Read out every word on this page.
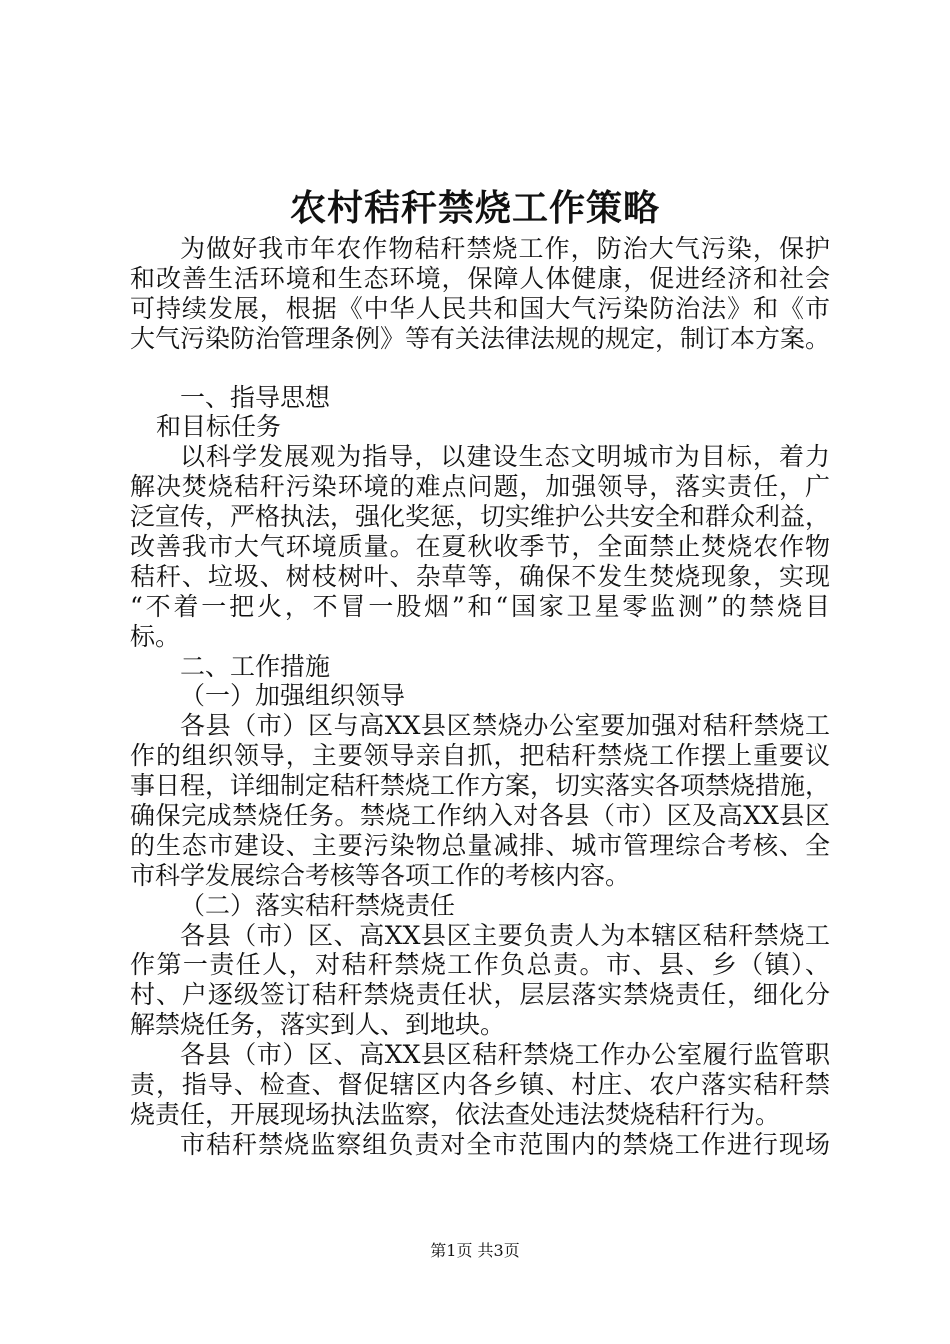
农村秸秆禁烧工作策略
为做好我市年农作物秸秆禁烧工作，防治大气污染，保护
和改善生活环境和生态环境，保障人体健康，促进经济和社会
可持续发展，根据《中华人民共和国大气污染防治法》和《市
大气污染防治管理条例》等有关法律法规的规定，制订本方案。
一、指导思想
和目标任务
以科学发展观为指导，以建设生态文明城市为目标，着力
解决焚烧秸秆污染环境的难点问题，加强领导，落实责任，广
泛宣传，严格执法，强化奖惩，切实维护公共安全和群众利益，
改善我市大气环境质量。在夏秋收季节，全面禁止焚烧农作物
秸秆、垃圾、树枝树叶、杂草等，确保不发生焚烧现象，实现
“不着一把火，不冒一股烟”和“国家卫星零监测”的禁烧目
标。
二、工作措施
（一）加强组织领导
各县（市）区与高XX县区禁烧办公室要加强对秸秆禁烧工
作的组织领导，主要领导亲自抓，把秸秆禁烧工作摆上重要议
事日程，详细制定秸秆禁烧工作方案，切实落实各项禁烧措施，
确保完成禁烧任务。禁烧工作纳入对各县（市）区及高XX县区
的生态市建设、主要污染物总量减排、城市管理综合考核、全
市科学发展综合考核等各项工作的考核内容。
（二）落实秸秆禁烧责任
各县（市）区、高XX县区主要负责人为本辖区秸秆禁烧工
作第一责任人，对秸秆禁烧工作负总责。市、县、乡（镇）、
村、户逐级签订秸秆禁烧责任状，层层落实禁烧责任，细化分
解禁烧任务，落实到人、到地块。
各县（市）区、高XX县区秸秆禁烧工作办公室履行监管职
责，指导、检查、督促辖区内各乡镇、村庄、农户落实秸秆禁
烧责任，开展现场执法监察，依法查处违法焚烧秸秆行为。
市秸秆禁烧监察组负责对全市范围内的禁烧工作进行现场
第1页 共3页
